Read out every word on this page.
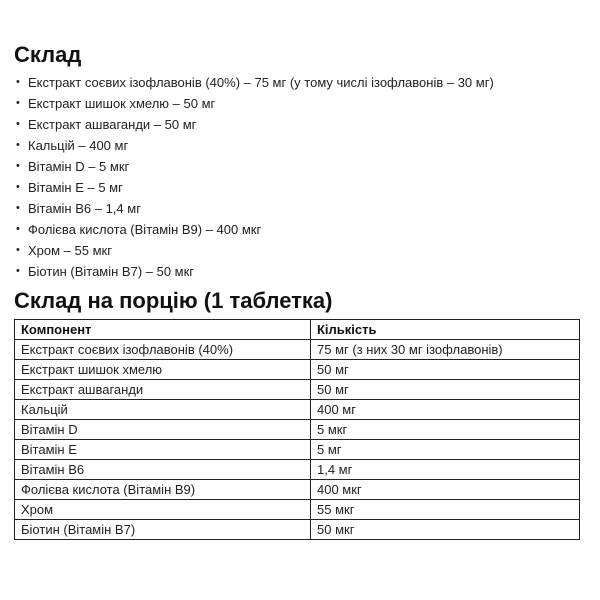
Склад
• Екстракт соєвих ізофлавонів (40%) – 75 мг (у тому числі ізофлавонів – 30 мг)
• Екстракт шишок хмелю – 50 мг
• Екстракт ашваганди – 50 мг
• Кальцій – 400 мг
• Вітамін D – 5 мкг
• Вітамін E – 5 мг
• Вітамін B6 – 1,4 мг
• Фолієва кислота (Вітамін B9) – 400 мкг
• Хром – 55 мкг
• Біотин (Вітамін B7) – 50 мкг
Склад на порцію (1 таблетка)
Компонент	Кількість
Екстракт соєвих ізофлавонів (40%)	75 мг (з них 30 мг ізофлавонів)
Екстракт шишок хмелю	50 мг
Екстракт ашваганди	50 мг
Кальцій	400 мг
Вітамін D	5 мкг
Вітамін E	5 мг
Вітамін B6	1,4 мг
Фолієва кислота (Вітамін B9)	400 мкг
Хром	55 мкг
Біотин (Вітамін B7)	50 мкг
